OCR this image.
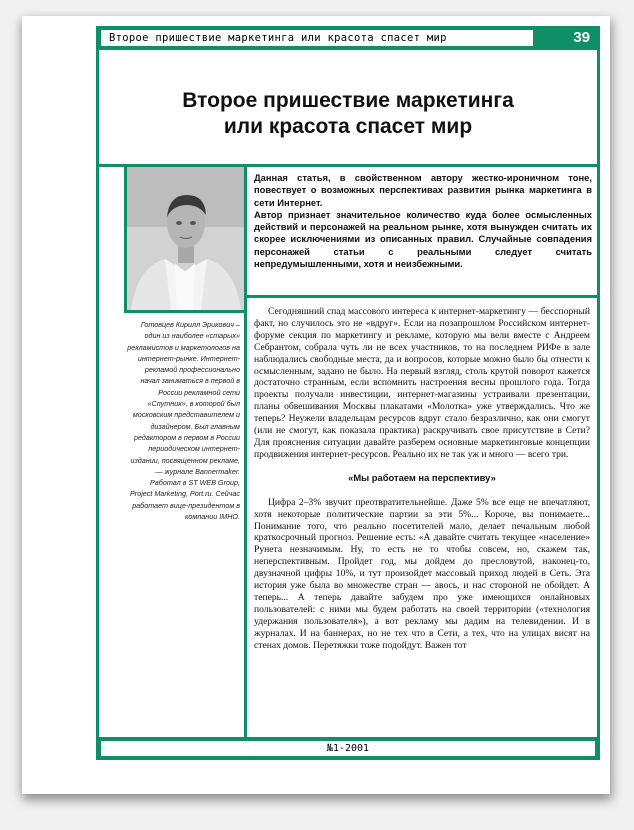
Второе пришествие маркетинга или красота спасет мир	39
Второе пришествие маркетинга
или красота спасет мир

Данная статья, в свойственном автору жестко-ироничном тоне, повествует о возможных перспективах развития рынка маркетинга в сети Интернет.

Автор признает значительное количество куда более осмысленных действий и персонажей на реальном рынке, хотя вынужден считать их скорее исключениями из описанных правил. Случайные совпадения персонажей статьи с реальными следует считать непредумышленными, хотя и неизбежными.

Готовцев Кирилл Эрикович – один из наиболее «старых» рекламистов и маркетологов на интернет-рынке. Интернет-рекламой профессионально начал заниматься в первой в России рекламной сети «Спутник», в которой был московским представителем и дизайнером. Был главным редактором в первом в России периодическом интернет-издании, посвященном рекламе, — журнале Bannermaker. Работал в ST WEB Group, Project Marketing, Port.ru. Сейчас работает вице-президентом в компании IMHO.

Сегодняшний спад массового интереса к интернет-маркетингу — бесспорный факт, но случилось это не «вдруг». Если на позапрошлом Российском интернет-форуме секция по маркетингу и рекламе, которую мы вели вместе с Андреем Себрантом, собрала чуть ли не всех участников, то на последнем РИФе в зале наблюдались свободные места, да и вопросов, которые можно было бы отнести к осмысленным, задано не было. На первый взгляд, столь крутой поворот кажется достаточно странным, если вспомнить настроения весны прошлого года. Тогда проекты получали инвестиции, интернет-магазины устраивали презентации, планы обвешивания Москвы плакатами «Молотка» уже утверждались. Что же теперь? Неужели владельцам ресурсов вдруг стало безразлично, как они смогут (или не смогут, как показала практика) раскручивать свое присутствие в Сети? Для прояснения ситуации давайте разберем основные маркетинговые концепции продвижения интернет-ресурсов. Реально их не так уж и много — всего три.

«Мы работаем на перспективу»

Цифра 2–3% звучит преотвратительнейше. Даже 5% все еще не впечатляют, хотя некоторые политические партии за эти 5%... Короче, вы понимаете... Понимание того, что реально посетителей мало, делает печальным любой краткосрочный прогноз. Решение есть: «А давайте считать текущее «население» Рунета незначимым. Ну, то есть не то чтобы совсем, но, скажем так, неперспективным. Пройдет год, мы дойдем до пресловутой, наконец-то, двузначной цифры 10%, и тут произойдет массовый приход людей в Сеть. Эта история уже была во множестве стран — авось, и нас стороной не обойдет. А теперь... А теперь давайте забудем про уже имеющихся онлайновых пользователей: с ними мы будем работать на своей территории («технология удержания пользователя»), а вот рекламу мы дадим на телевидении. И в журналах. И на баннерах, но не тех что в Сети, а тех, что на улицах висят на стенах домов. Перетяжки тоже подойдут. Важен тот

№1-2001
